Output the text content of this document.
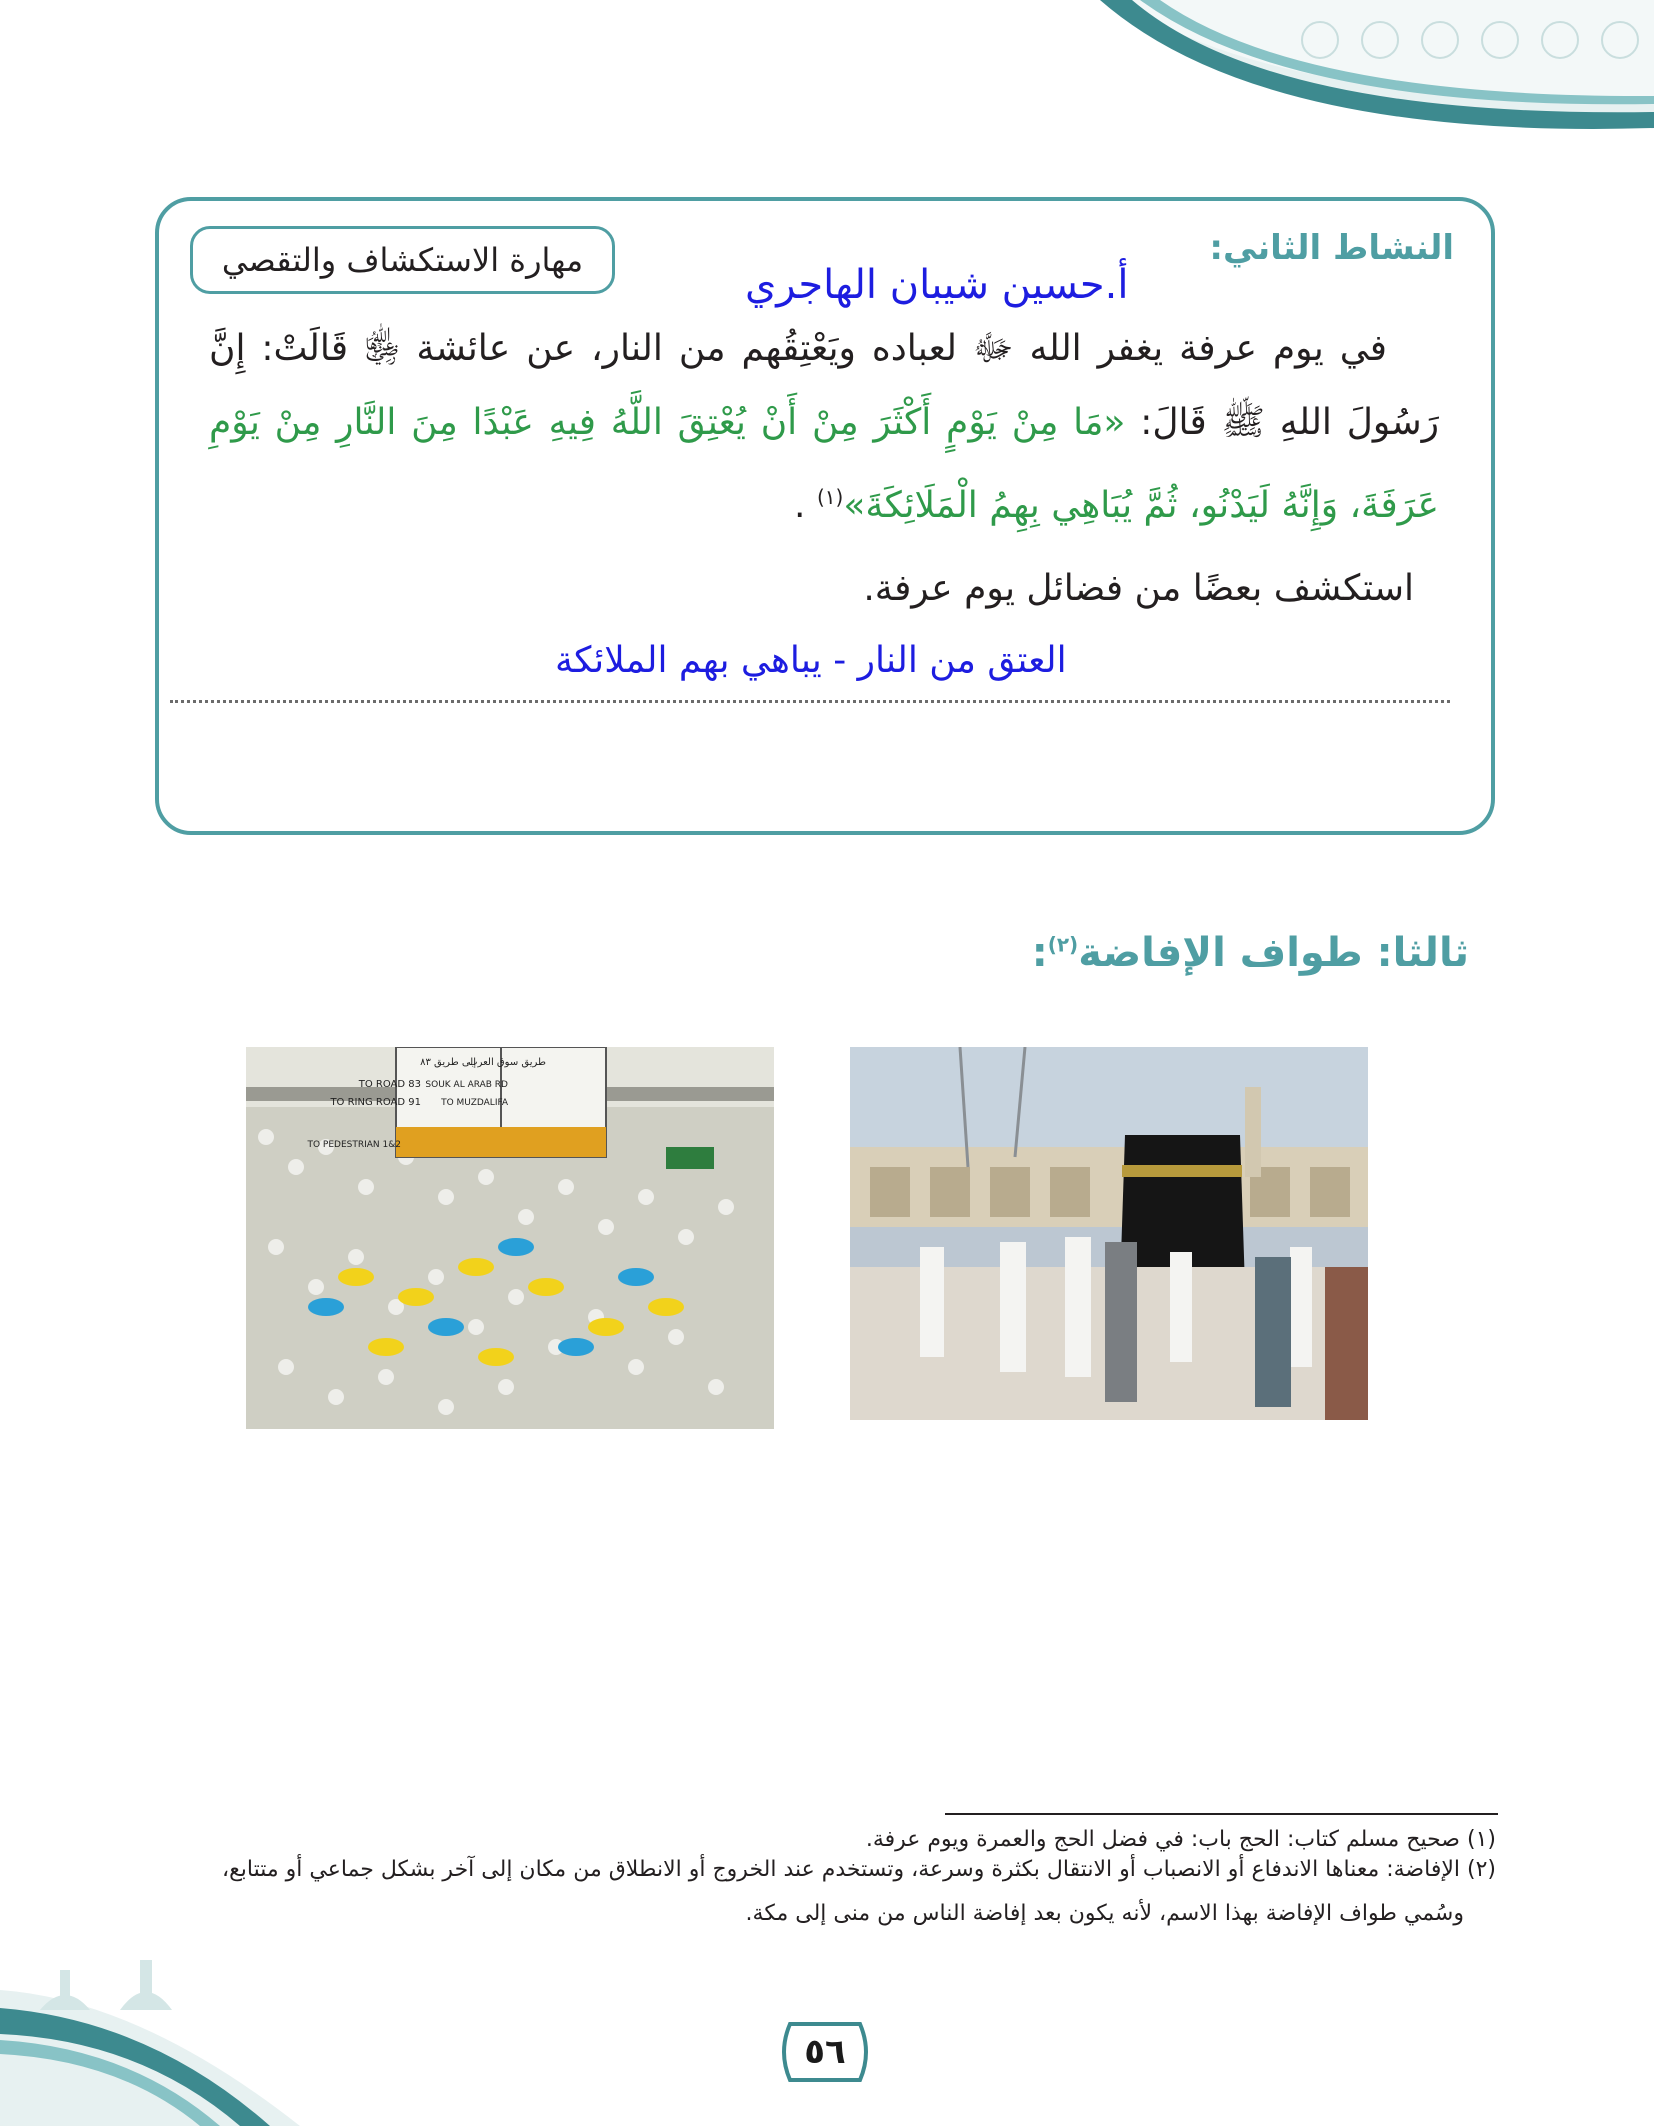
النشاط الثاني:
مهارة الاستكشاف والتقصي
أ.حسين شيبان الهاجري
في يوم عرفة يغفر الله ﷻ لعباده ويَعْتِقُهم من النار، عن عائشة ﵂ قَالَتْ: إِنَّ رَسُولَ اللهِ ﷺ قَالَ: «مَا مِنْ يَوْمٍ أَكْثَرَ مِنْ أَنْ يُعْتِقَ اللَّهُ فِيهِ عَبْدًا مِنَ النَّارِ مِنْ يَوْمِ عَرَفَةَ، وَإِنَّهُ لَيَدْنُو، ثُمَّ يُبَاهِي بِهِمُ الْمَلَائِكَةَ»$^{(١)}$ .
استكشف بعضًا من فضائل يوم عرفة.
العتق من النار - يباهي بهم الملائكة
ثالثا: طواف الإفاضة$^{(٢)}$:
TO ROAD 83
TO RING ROAD 91
SOUK AL ARAB RD
TO MUZDALIFA
TO PEDESTRIAN 1&2
إلى طريق ٨٣
طريق سوق العرب
(١) صحيح مسلم كتاب: الحج باب: في فضل الحج والعمرة ويوم عرفة.
(٢) الإفاضة: معناها الاندفاع أو الانصباب أو الانتقال بكثرة وسرعة، وتستخدم عند الخروج أو الانطلاق من مكان إلى آخر بشكل جماعي أو متتابع،
وسُمي طواف الإفاضة بهذا الاسم، لأنه يكون بعد إفاضة الناس من منى إلى مكة.
٥٦
